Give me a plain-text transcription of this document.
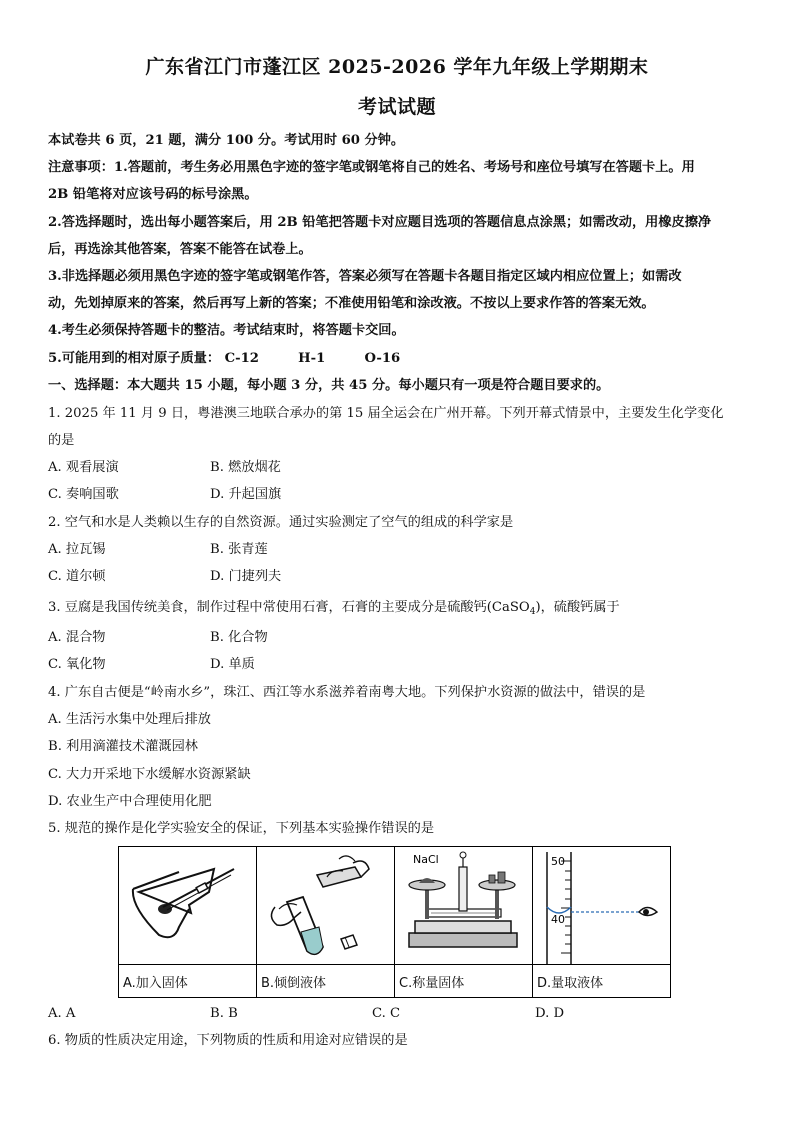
广东省江门市蓬江区 2025-2026 学年九年级上学期期末
考试试题
本试卷共 6 页，21 题，满分 100 分。考试用时 60 分钟。
注意事项：1.答题前，考生务必用黑色字迹的签字笔或钢笔将自己的姓名、考场号和座位号填写在答题卡上。用
2B 铅笔将对应该号码的标号涂黑。
2.答选择题时，选出每小题答案后，用 2B 铅笔把答题卡对应题目选项的答题信息点涂黑；如需改动，用橡皮擦净
后，再选涂其他答案，答案不能答在试卷上。
3.非选择题必须用黑色字迹的签字笔或钢笔作答，答案必须写在答题卡各题目指定区域内相应位置上；如需改
动，先划掉原来的答案，然后再写上新的答案；不准使用铅笔和涂改液。不按以上要求作答的答案无效。
4.考生必须保持答题卡的整洁。考试结束时，将答题卡交回。
5.可能用到的相对原子质量： C-12	H-1	O-16
一、选择题：本大题共 15 小题，每小题 3 分，共 45 分。每小题只有一项是符合题目要求的。
1. 2025 年 11 月 9 日，粤港澳三地联合承办的第 15 届全运会在广州开幕。下列开幕式情景中，主要发生化学变化
的是
A. 观看展演	B. 燃放烟花
C. 奏响国歌	D. 升起国旗
2. 空气和水是人类赖以生存的自然资源。通过实验测定了空气的组成的科学家是
A. 拉瓦锡	B. 张青莲
C. 道尔顿	D. 门捷列夫
3. 豆腐是我国传统美食，制作过程中常使用石膏，石膏的主要成分是硫酸钙(CaSO$_4$)，硫酸钙属于
A. 混合物	B. 化合物
C. 氧化物	D. 单质
4. 广东自古便是“岭南水乡”，珠江、西江等水系滋养着南粤大地。下列保护水资源的做法中，错误的是
A. 生活污水集中处理后排放
B. 利用滴灌技术灌溉园林
C. 大力开采地下水缓解水资源紧缺
D. 农业生产中合理使用化肥
5. 规范的操作是化学实验安全的保证，下列基本实验操作错误的是

NaCl	50
40

A.加入固体	B.倾倒液体	C.称量固体	D.量取液体
A. A	B. B	C. C	D. D
6. 物质的性质决定用途，下列物质的性质和用途对应错误的是
